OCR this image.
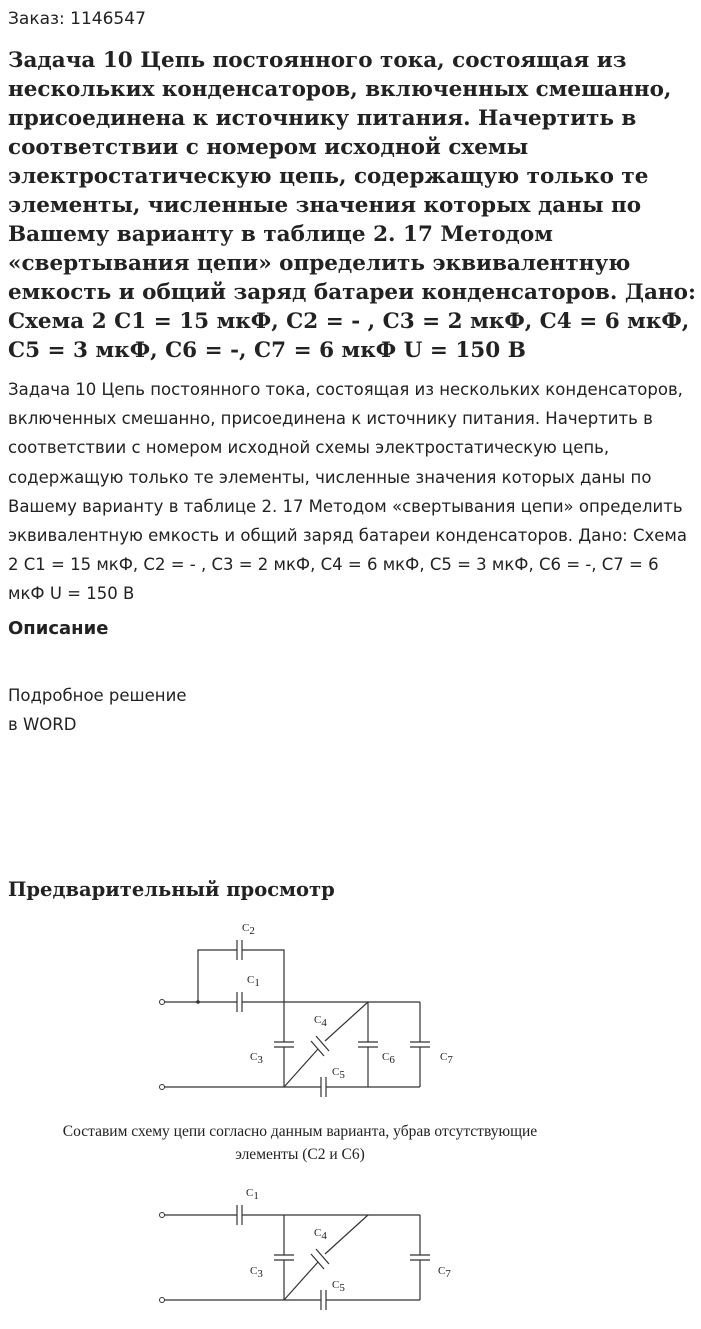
Заказ: 1146547
Задача 10 Цепь постоянного тока, состоящая из нескольких конденсаторов, включенных смешанно, присоединена к источнику питания. Начертить в соответствии с номером исходной схемы электростатическую цепь, содержащую только те элементы, численные значения которых даны по Вашему варианту в таблице 2. 17 Методом «свертывания цепи» определить эквивалентную емкость и общий заряд батареи конденсаторов. Дано: Схема 2 С1 = 15 мкФ, С2 = - , С3 = 2 мкФ, С4 = 6 мкФ, С5 = 3 мкФ, С6 = -, С7 = 6 мкФ U = 150 В

Задача 10 Цепь постоянного тока, состоящая из нескольких конденсаторов, включенных смешанно, присоединена к источнику питания. Начертить в соответствии с номером исходной схемы электростатическую цепь, содержащую только те элементы, численные значения которых даны по Вашему варианту в таблице 2. 17 Методом «свертывания цепи» определить эквивалентную емкость и общий заряд батареи конденсаторов. Дано: Схема 2 С1 = 15 мкФ, С2 = - , С3 = 2 мкФ, С4 = 6 мкФ, С5 = 3 мкФ, С6 = -, С7 = 6 мкФ U = 150 В

Описание
Подробное решение
в WORD
Предварительный просмотр
C2
C1
C3
C4
C5
C6	C7
Составим схему цепи согласно данным варианта, убрав отсутствующие
элементы (С2 и С6)
C1
C3
C4
C5
C7
